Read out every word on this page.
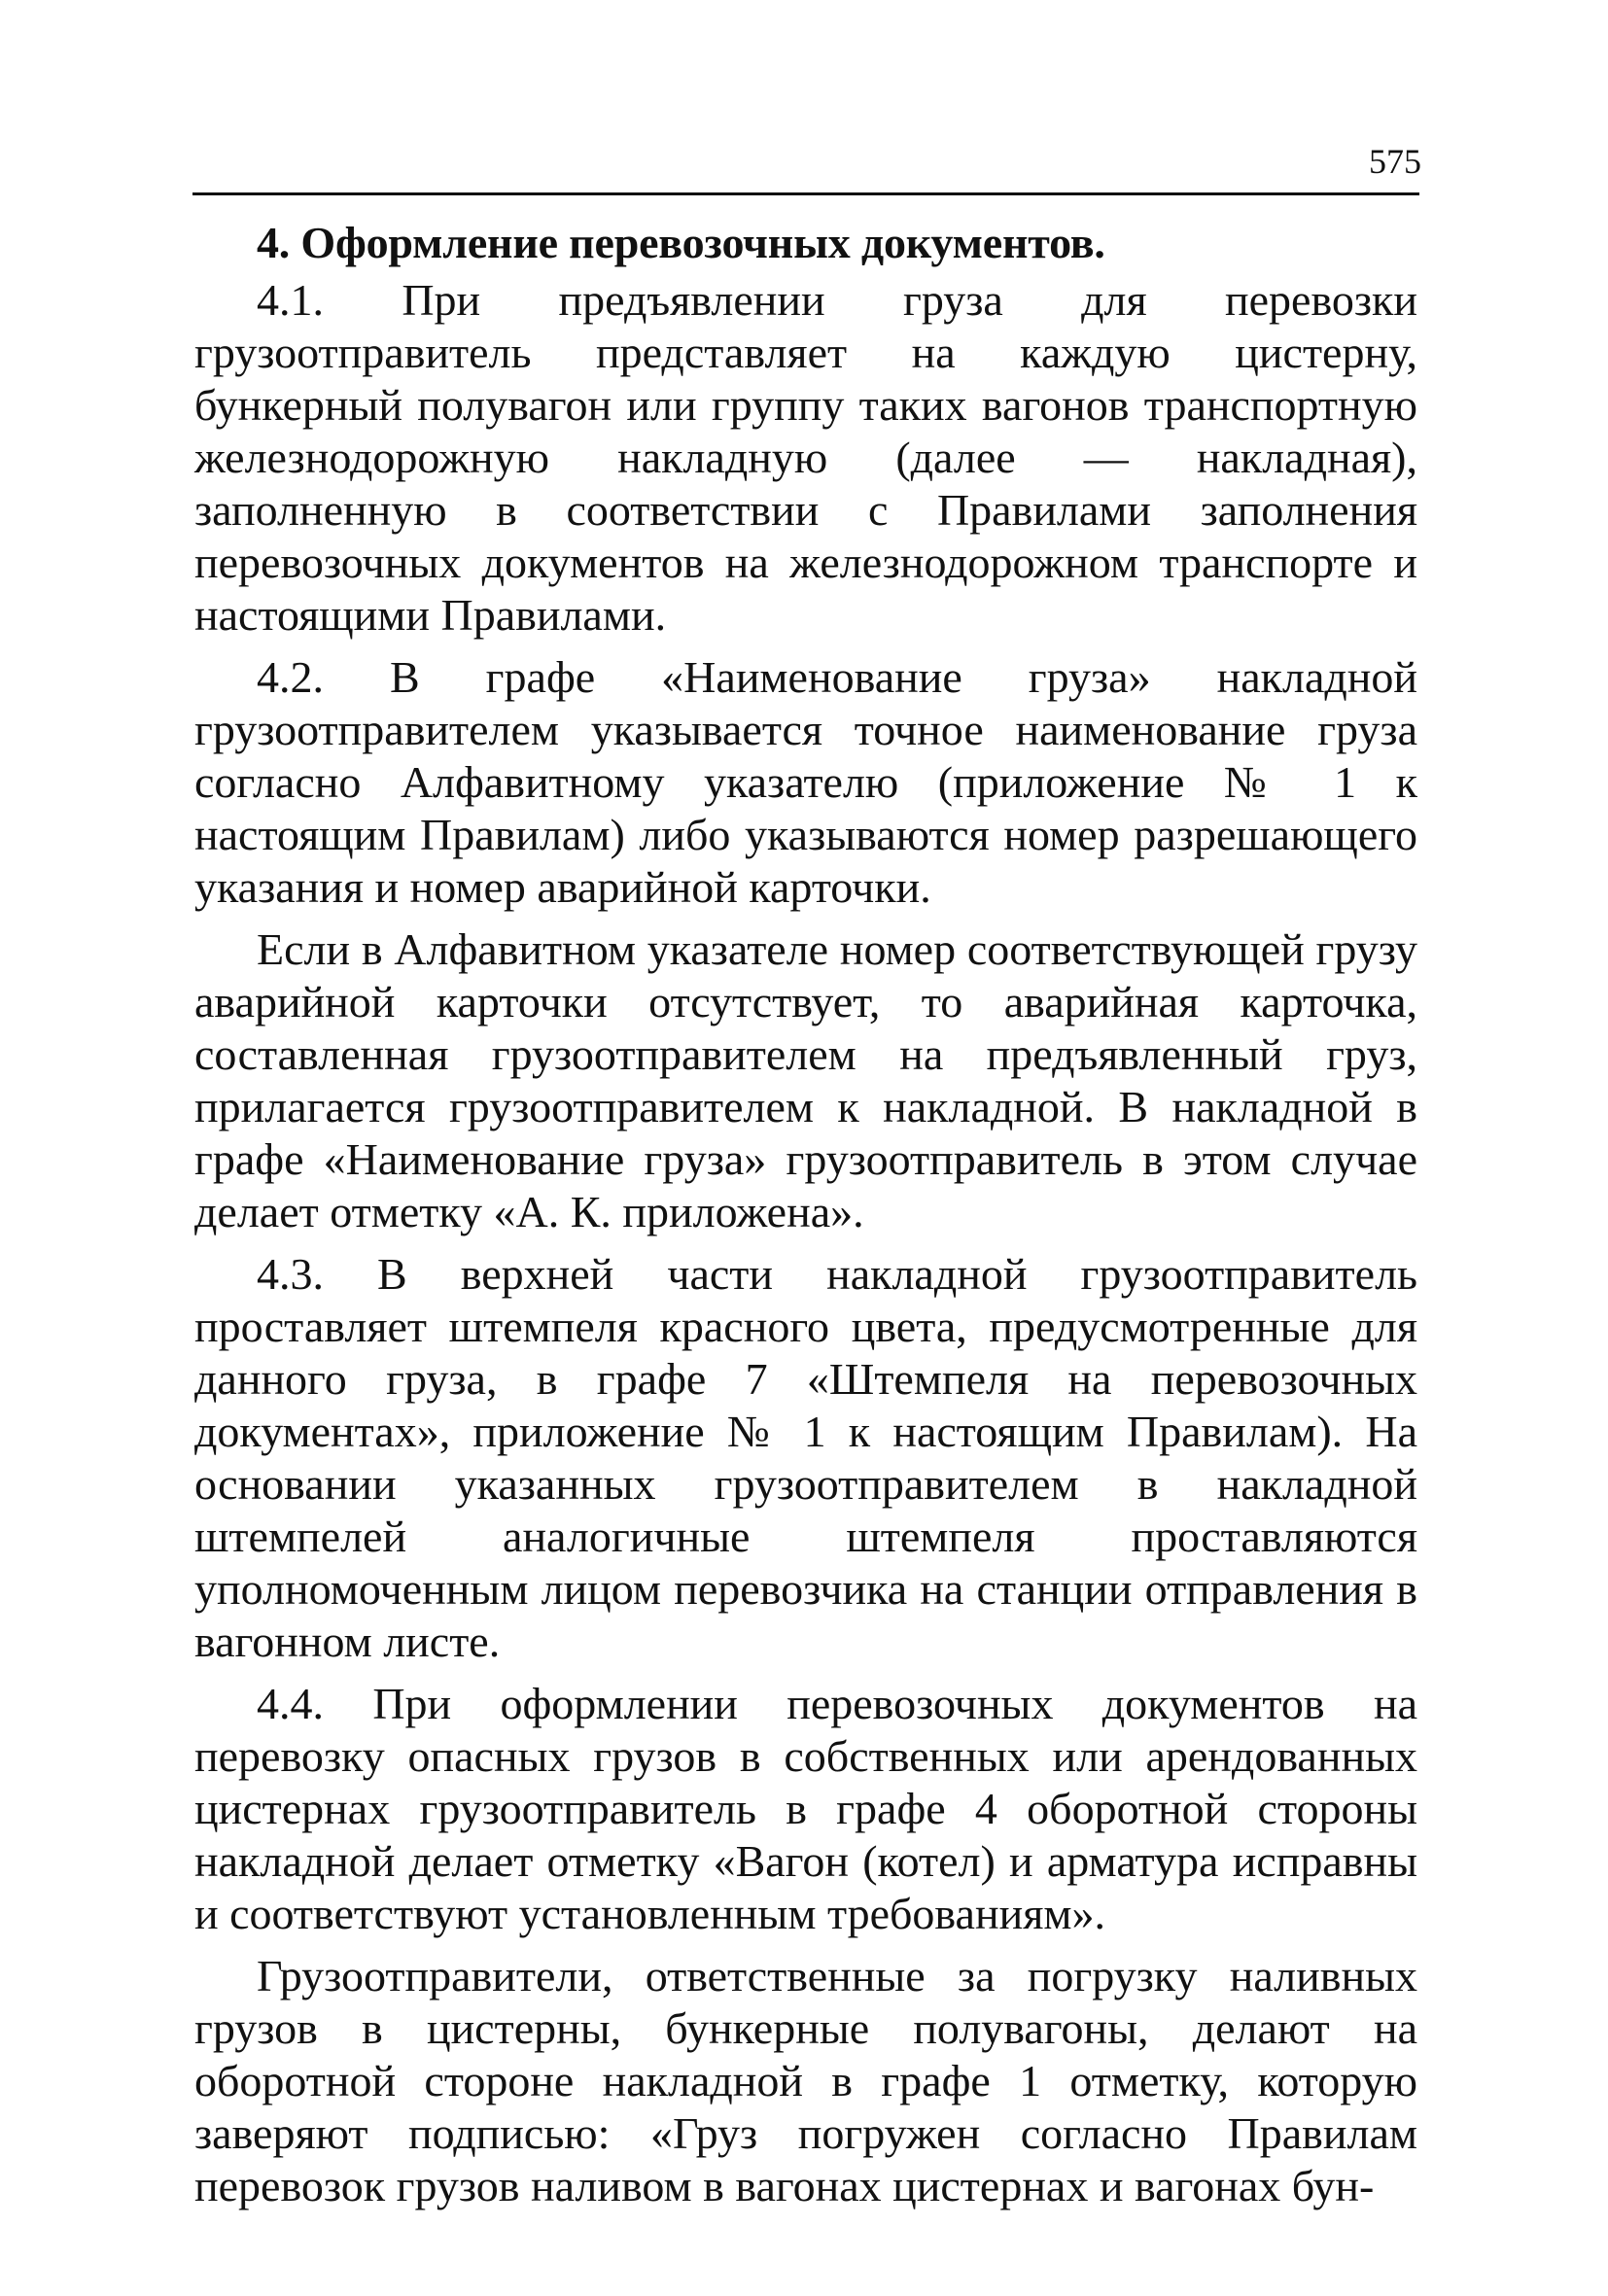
575
4. Оформление перевозочных документов.

4.1. При предъявлении груза для перевозки грузоотправитель представляет на каждую цистерну, бункерный полувагон или группу таких вагонов транспортную железнодорожную накладную (далее — накладная), заполненную в соответствии с Правилами заполнения перевозочных документов на железнодорожном транспорте и настоящими Правилами.

4.2. В графе «Наименование груза» накладной грузоотправителем указывается точное наименование груза согласно Алфавитному указателю (приложение № 1 к настоящим Правилам) либо указываются номер разрешающего указания и номер аварийной карточки.

Если в Алфавитном указателе номер соответствующей грузу аварийной карточки отсутствует, то аварийная карточка, составленная грузоотправителем на предъявленный груз, прилагается грузоотправителем к накладной. В накладной в графе «Наименование груза» грузоотправитель в этом случае делает отметку «А. К. приложена».

4.3. В верхней части накладной грузоотправитель проставляет штемпеля красного цвета, предусмотренные для данного груза, в графе 7 «Штемпеля на перевозочных документах», приложение № 1 к настоящим Правилам). На основании указанных грузоотправителем в накладной штемпелей аналогичные штемпеля проставляются уполномоченным лицом перевозчика на станции отправления в вагонном листе.

4.4. При оформлении перевозочных документов на перевозку опасных грузов в собственных или арендованных цистернах грузоотправитель в графе 4 оборотной стороны накладной делает отметку «Вагон (котел) и арматура исправны и соответствуют установленным требованиям».

Грузоотправители, ответственные за погрузку наливных грузов в цистерны, бункерные полувагоны, делают на оборотной стороне накладной в графе 1 отметку, которую заверяют подписью: «Груз погружен согласно Правилам перевозок грузов наливом в вагонах цистернах и вагонах бун-
